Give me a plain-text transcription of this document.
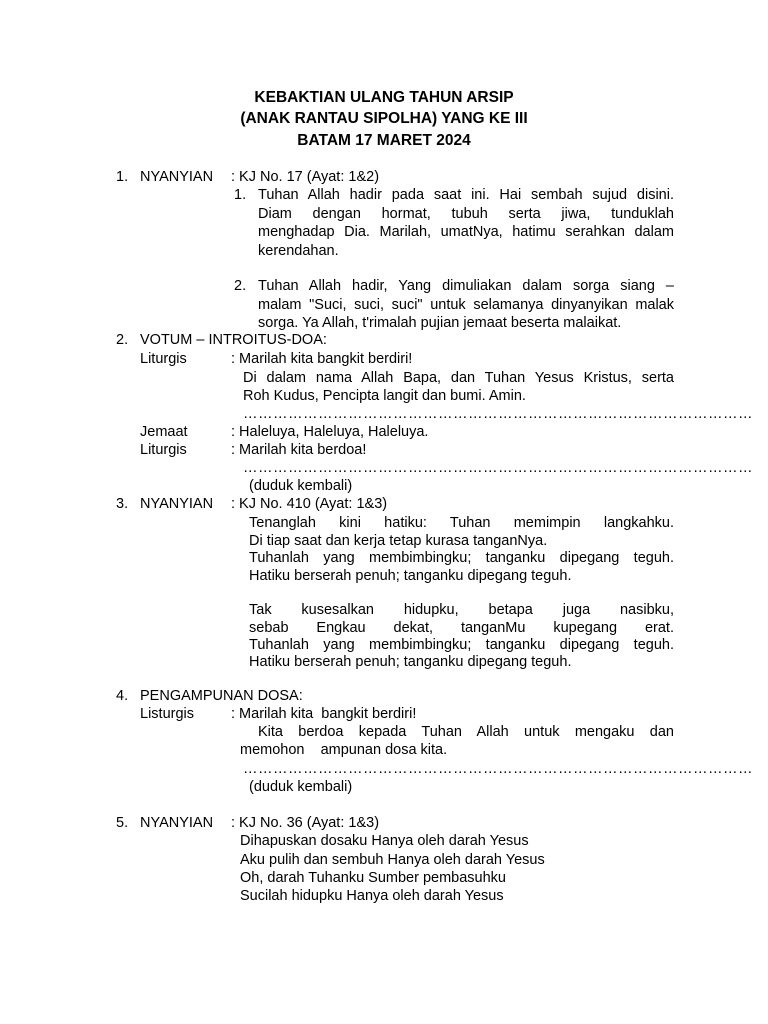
KEBAKTIAN ULANG TAHUN ARSIP
(ANAK RANTAU SIPOLHA) YANG KE III
BATAM 17 MARET 2024
1. NYANYIAN : KJ No. 17 (Ayat: 1&2)
1. Tuhan Allah hadir pada saat ini. Hai sembah sujud disini.
Diam dengan hormat, tubuh serta jiwa, tunduklah
menghadap Dia. Marilah, umatNya, hatimu serahkan dalam
kerendahan.
2. Tuhan Allah hadir, Yang dimuliakan dalam sorga siang –
malam "Suci, suci, suci" untuk selamanya dinyanyikan malak
sorga. Ya Allah, t'rimalah pujian jemaat beserta malaikat.
2. VOTUM – INTROITUS-DOA:
Liturgis	: Marilah kita bangkit berdiri!
Di dalam nama Allah Bapa, dan Tuhan Yesus Kristus, serta
Roh Kudus, Pencipta langit dan bumi. Amin.
…………………………………………………………………………………………
Jemaat	: Haleluya, Haleluya, Haleluya.
Liturgis	: Marilah kita berdoa!
…………………………………………………………………………………………
(duduk kembali)
3. NYANYIAN : KJ No. 410 (Ayat: 1&3)
Tenanglah kini hatiku: Tuhan memimpin langkahku.
Di tiap saat dan kerja tetap kurasa tanganNya.
Tuhanlah yang membimbingku; tanganku dipegang teguh.
Hatiku berserah penuh; tanganku dipegang teguh.
Tak kusesalkan hidupku, betapa juga nasibku,
sebab Engkau dekat, tanganMu kupegang erat.
Tuhanlah yang membimbingku; tanganku dipegang teguh.
Hatiku berserah penuh; tanganku dipegang teguh.
4. PENGAMPUNAN DOSA:
Listurgis	: Marilah kita  bangkit berdiri!
Kita berdoa kepada Tuhan Allah untuk mengaku dan
memohon    ampunan dosa kita.
…………………………………………………………………………………………
(duduk kembali)
5. NYANYIAN : KJ No. 36 (Ayat: 1&3)
Dihapuskan dosaku Hanya oleh darah Yesus
Aku pulih dan sembuh Hanya oleh darah Yesus
Oh, darah Tuhanku Sumber pembasuhku
Sucilah hidupku Hanya oleh darah Yesus
